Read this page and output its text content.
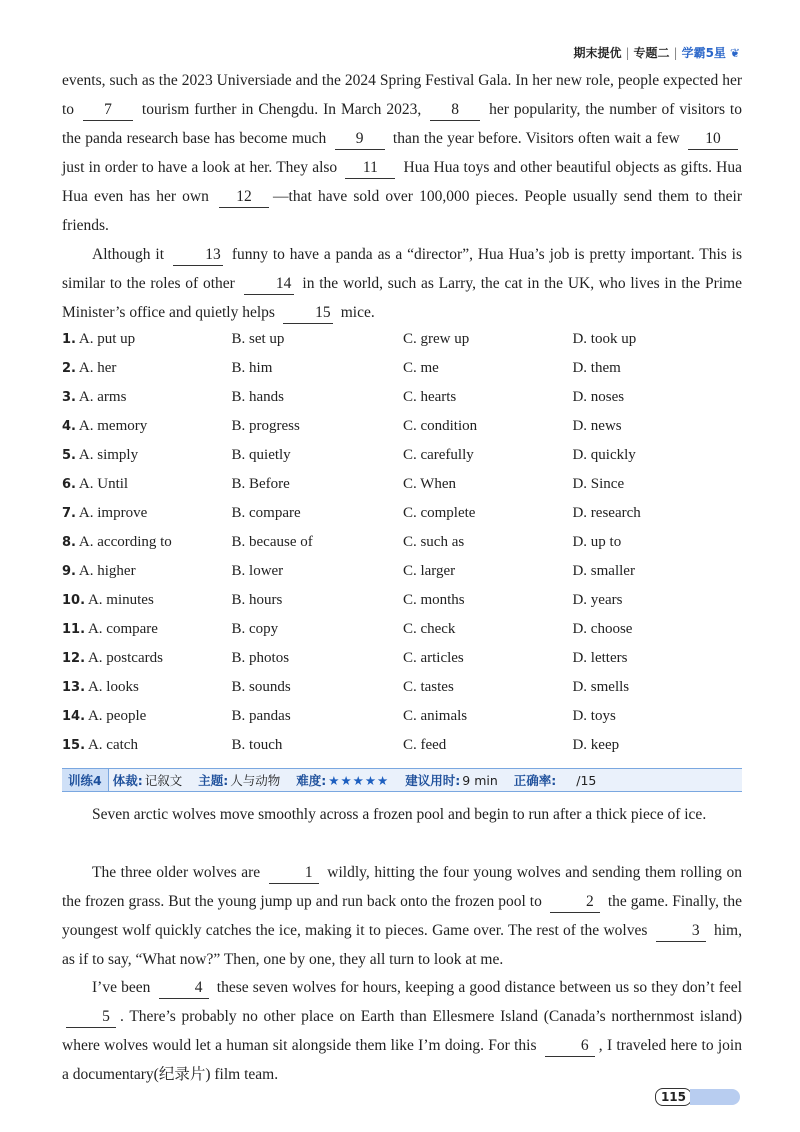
期末提优 | 专题二 | 学霸5星 ❦

events, such as the 2023 Universiade and the 2024 Spring Festival Gala. In her new role, people expected her to 7 tourism further in Chengdu. In March 2023, 8 her popularity, the number of visitors to the panda research base has become much 9 than the year before. Visitors often wait a few 10 just in order to have a look at her. They also 11 Hua Hua toys and other beautiful objects as gifts. Hua Hua even has her own 12 —that have sold over 100,000 pieces. People usually send them to their friends.

Although it 13 funny to have a panda as a “director”, Hua Hua’s job is pretty important. This is similar to the roles of other 14 in the world, such as Larry, the cat in the UK, who lives in the Prime Minister’s office and quietly helps 15 mice.

1. A. put up	B. set up	C. grew up	D. took up
2. A. her	B. him	C. me	D. them
3. A. arms	B. hands	C. hearts	D. noses
4. A. memory	B. progress	C. condition	D. news
5. A. simply	B. quietly	C. carefully	D. quickly
6. A. Until	B. Before	C. When	D. Since
7. A. improve	B. compare	C. complete	D. research
8. A. according to	B. because of	C. such as	D. up to
9. A. higher	B. lower	C. larger	D. smaller
10. A. minutes	B. hours	C. months	D. years
11. A. compare	B. copy	C. check	D. choose
12. A. postcards	B. photos	C. articles	D. letters
13. A. looks	B. sounds	C. tastes	D. smells
14. A. people	B. pandas	C. animals	D. toys
15. A. catch	B. touch	C. feed	D. keep
训练4 体裁: 记叙文 主题: 人与动物 难度: ★★★★★ 建议用时: 9 min 正确率: /15

Seven arctic wolves move smoothly across a frozen pool and begin to run after a thick piece of ice.

The three older wolves are	1 wildly, hitting the four young wolves and sending them rolling on the frozen grass. But the young jump up and run back onto the frozen pool to	2 the game. Finally, the youngest wolf quickly catches the ice, making it to pieces. Game over. The rest of the wolves	3 him, as if to say, “What now?” Then, one by one, they all turn to look at me.

I’ve been	4 these seven wolves for hours, keeping a good distance between us so they don’t feel 5 . There’s probably no other place on Earth than Ellesmere Island (Canada’s northernmost island) where wolves would let a human sit alongside them like I’m doing. For this	6 , I traveled here to join a documentary(纪录片) film team.

115
